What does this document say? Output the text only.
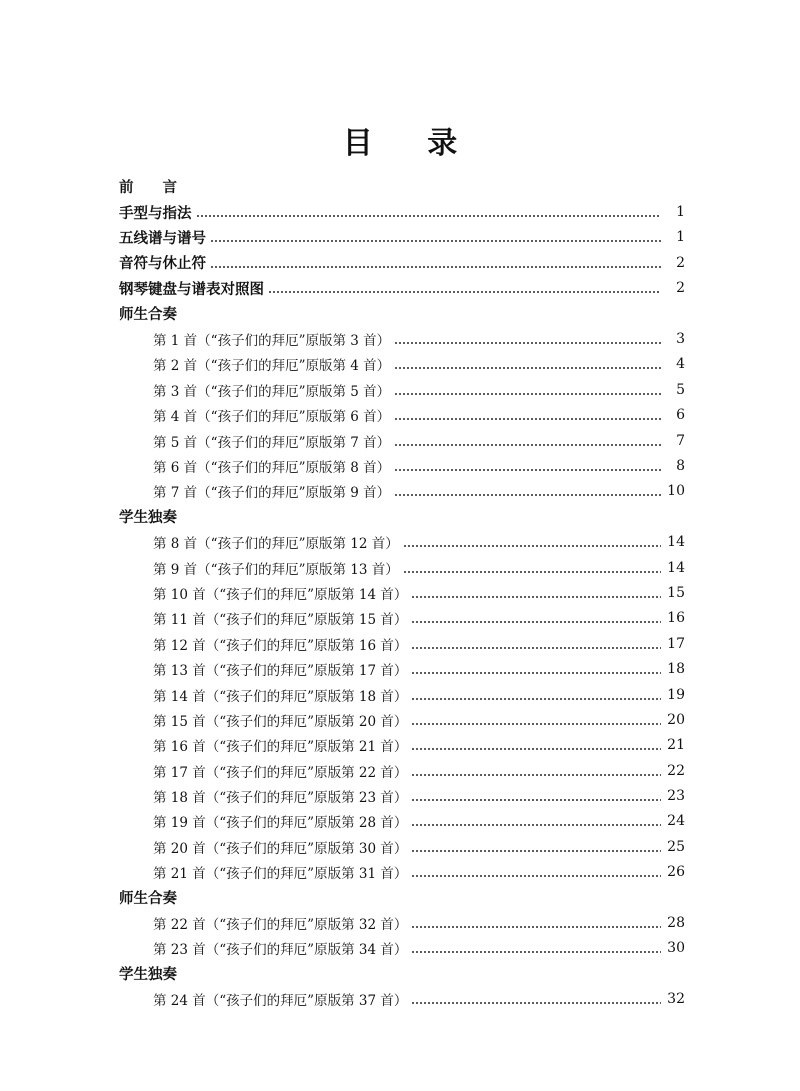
目 录
前 言
手型与指法	1
五线谱与谱号	1
音符与休止符	2
钢琴键盘与谱表对照图	2
师生合奏
第 1 首（“孩子们的拜厄”原版第 3 首）	3
第 2 首（“孩子们的拜厄”原版第 4 首）	4
第 3 首（“孩子们的拜厄”原版第 5 首）	5
第 4 首（“孩子们的拜厄”原版第 6 首）	6
第 5 首（“孩子们的拜厄”原版第 7 首）	7
第 6 首（“孩子们的拜厄”原版第 8 首）	8
第 7 首（“孩子们的拜厄”原版第 9 首）	10
学生独奏
第 8 首（“孩子们的拜厄”原版第 12 首）	14
第 9 首（“孩子们的拜厄”原版第 13 首）	14
第 10 首（“孩子们的拜厄”原版第 14 首）	15
第 11 首（“孩子们的拜厄”原版第 15 首）	16
第 12 首（“孩子们的拜厄”原版第 16 首）	17
第 13 首（“孩子们的拜厄”原版第 17 首）	18
第 14 首（“孩子们的拜厄”原版第 18 首）	19
第 15 首（“孩子们的拜厄”原版第 20 首）	20
第 16 首（“孩子们的拜厄”原版第 21 首）	21
第 17 首（“孩子们的拜厄”原版第 22 首）	22
第 18 首（“孩子们的拜厄”原版第 23 首）	23
第 19 首（“孩子们的拜厄”原版第 28 首）	24
第 20 首（“孩子们的拜厄”原版第 30 首）	25
第 21 首（“孩子们的拜厄”原版第 31 首）	26
师生合奏
第 22 首（“孩子们的拜厄”原版第 32 首）	28
第 23 首（“孩子们的拜厄”原版第 34 首）	30
学生独奏
第 24 首（“孩子们的拜厄”原版第 37 首）	32
